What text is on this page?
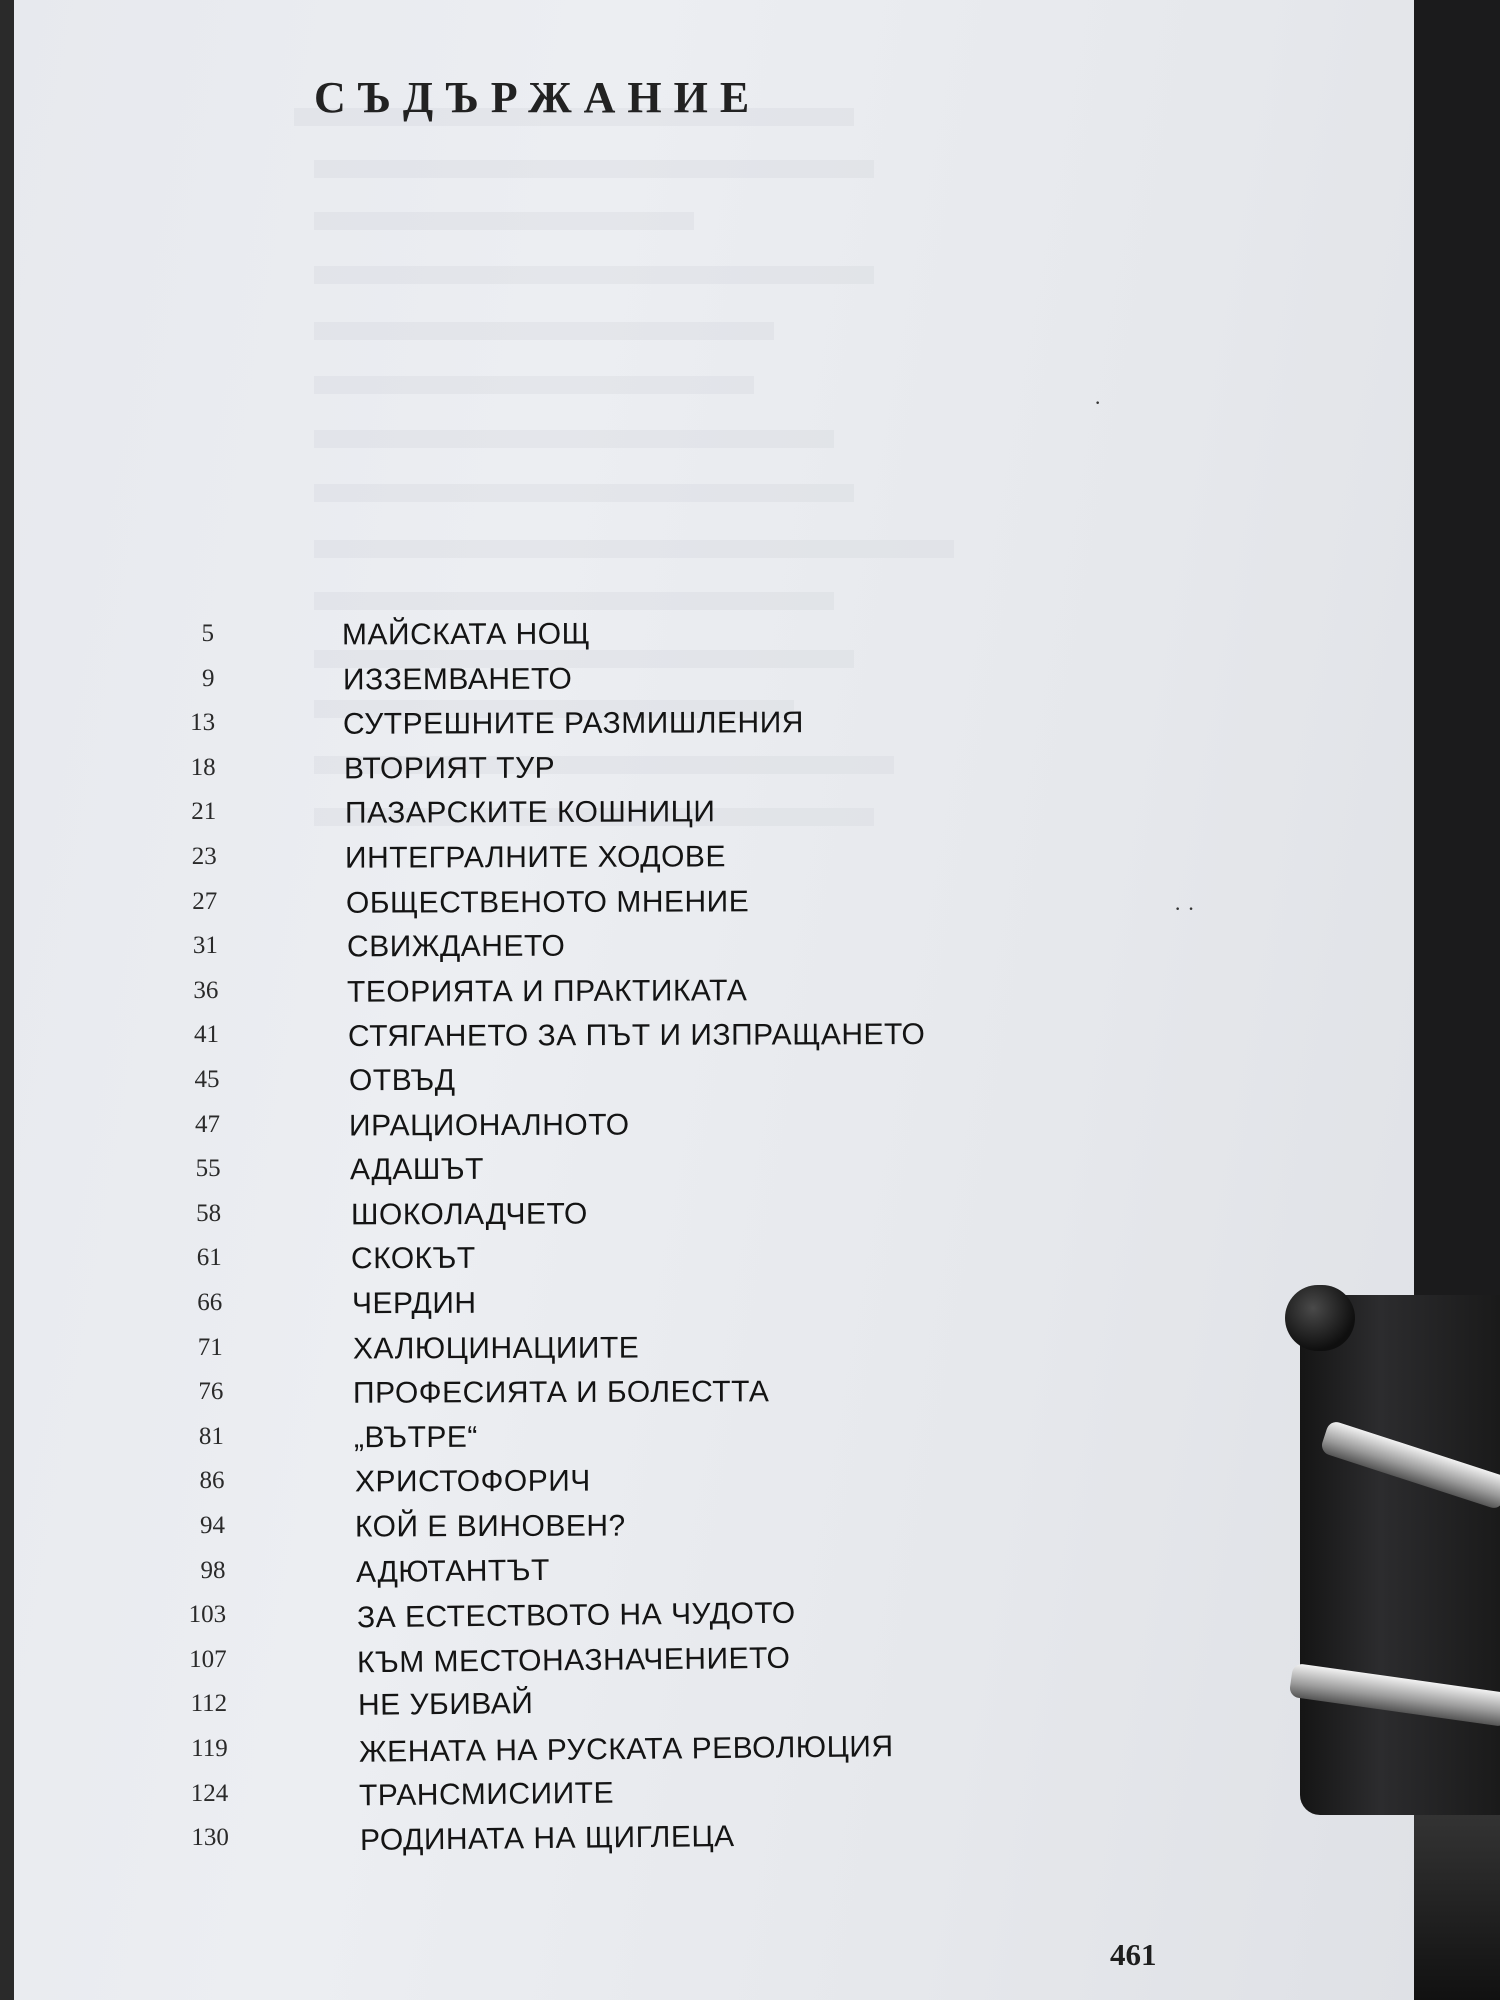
СЪДЪРЖАНИЕ
5	МАЙСКАТА НОЩ
9	ИЗЗЕМВАНЕТО
13	СУТРЕШНИТЕ РАЗМИШЛЕНИЯ
18	ВТОРИЯТ ТУР
21	ПАЗАРСКИТЕ КОШНИЦИ
23	ИНТЕГРАЛНИТЕ ХОДОВЕ
27	ОБЩЕСТВЕНОТО МНЕНИЕ
31	СВИЖДАНЕТО
36	ТЕОРИЯТА И ПРАКТИКАТА
41	СТЯГАНЕТО ЗА ПЪТ И ИЗПРАЩАНЕТО
45	ОТВЪД
47	ИРАЦИОНАЛНОТО
55	АДАШЪТ
58	ШОКОЛАДЧЕТО
61	СКОКЪТ
66	ЧЕРДИН
71	ХАЛЮЦИНАЦИИТЕ
76	ПРОФЕСИЯТА И БОЛЕСТТА
81	„ВЪТРЕ“
86	ХРИСТОФОРИЧ
94	КОЙ Е ВИНОВЕН?
98	АДЮТАНТЪТ
103	ЗА ЕСТЕСТВОТО НА ЧУДОТО
107	КЪМ МЕСТОНАЗНАЧЕНИЕТО
112	НЕ УБИВАЙ
119	ЖЕНАТА НА РУСКАТА РЕВОЛЮЦИЯ
124	ТРАНСМИСИИТЕ
130	РОДИНАТА НА ЩИГЛЕЦА
·
··
461
